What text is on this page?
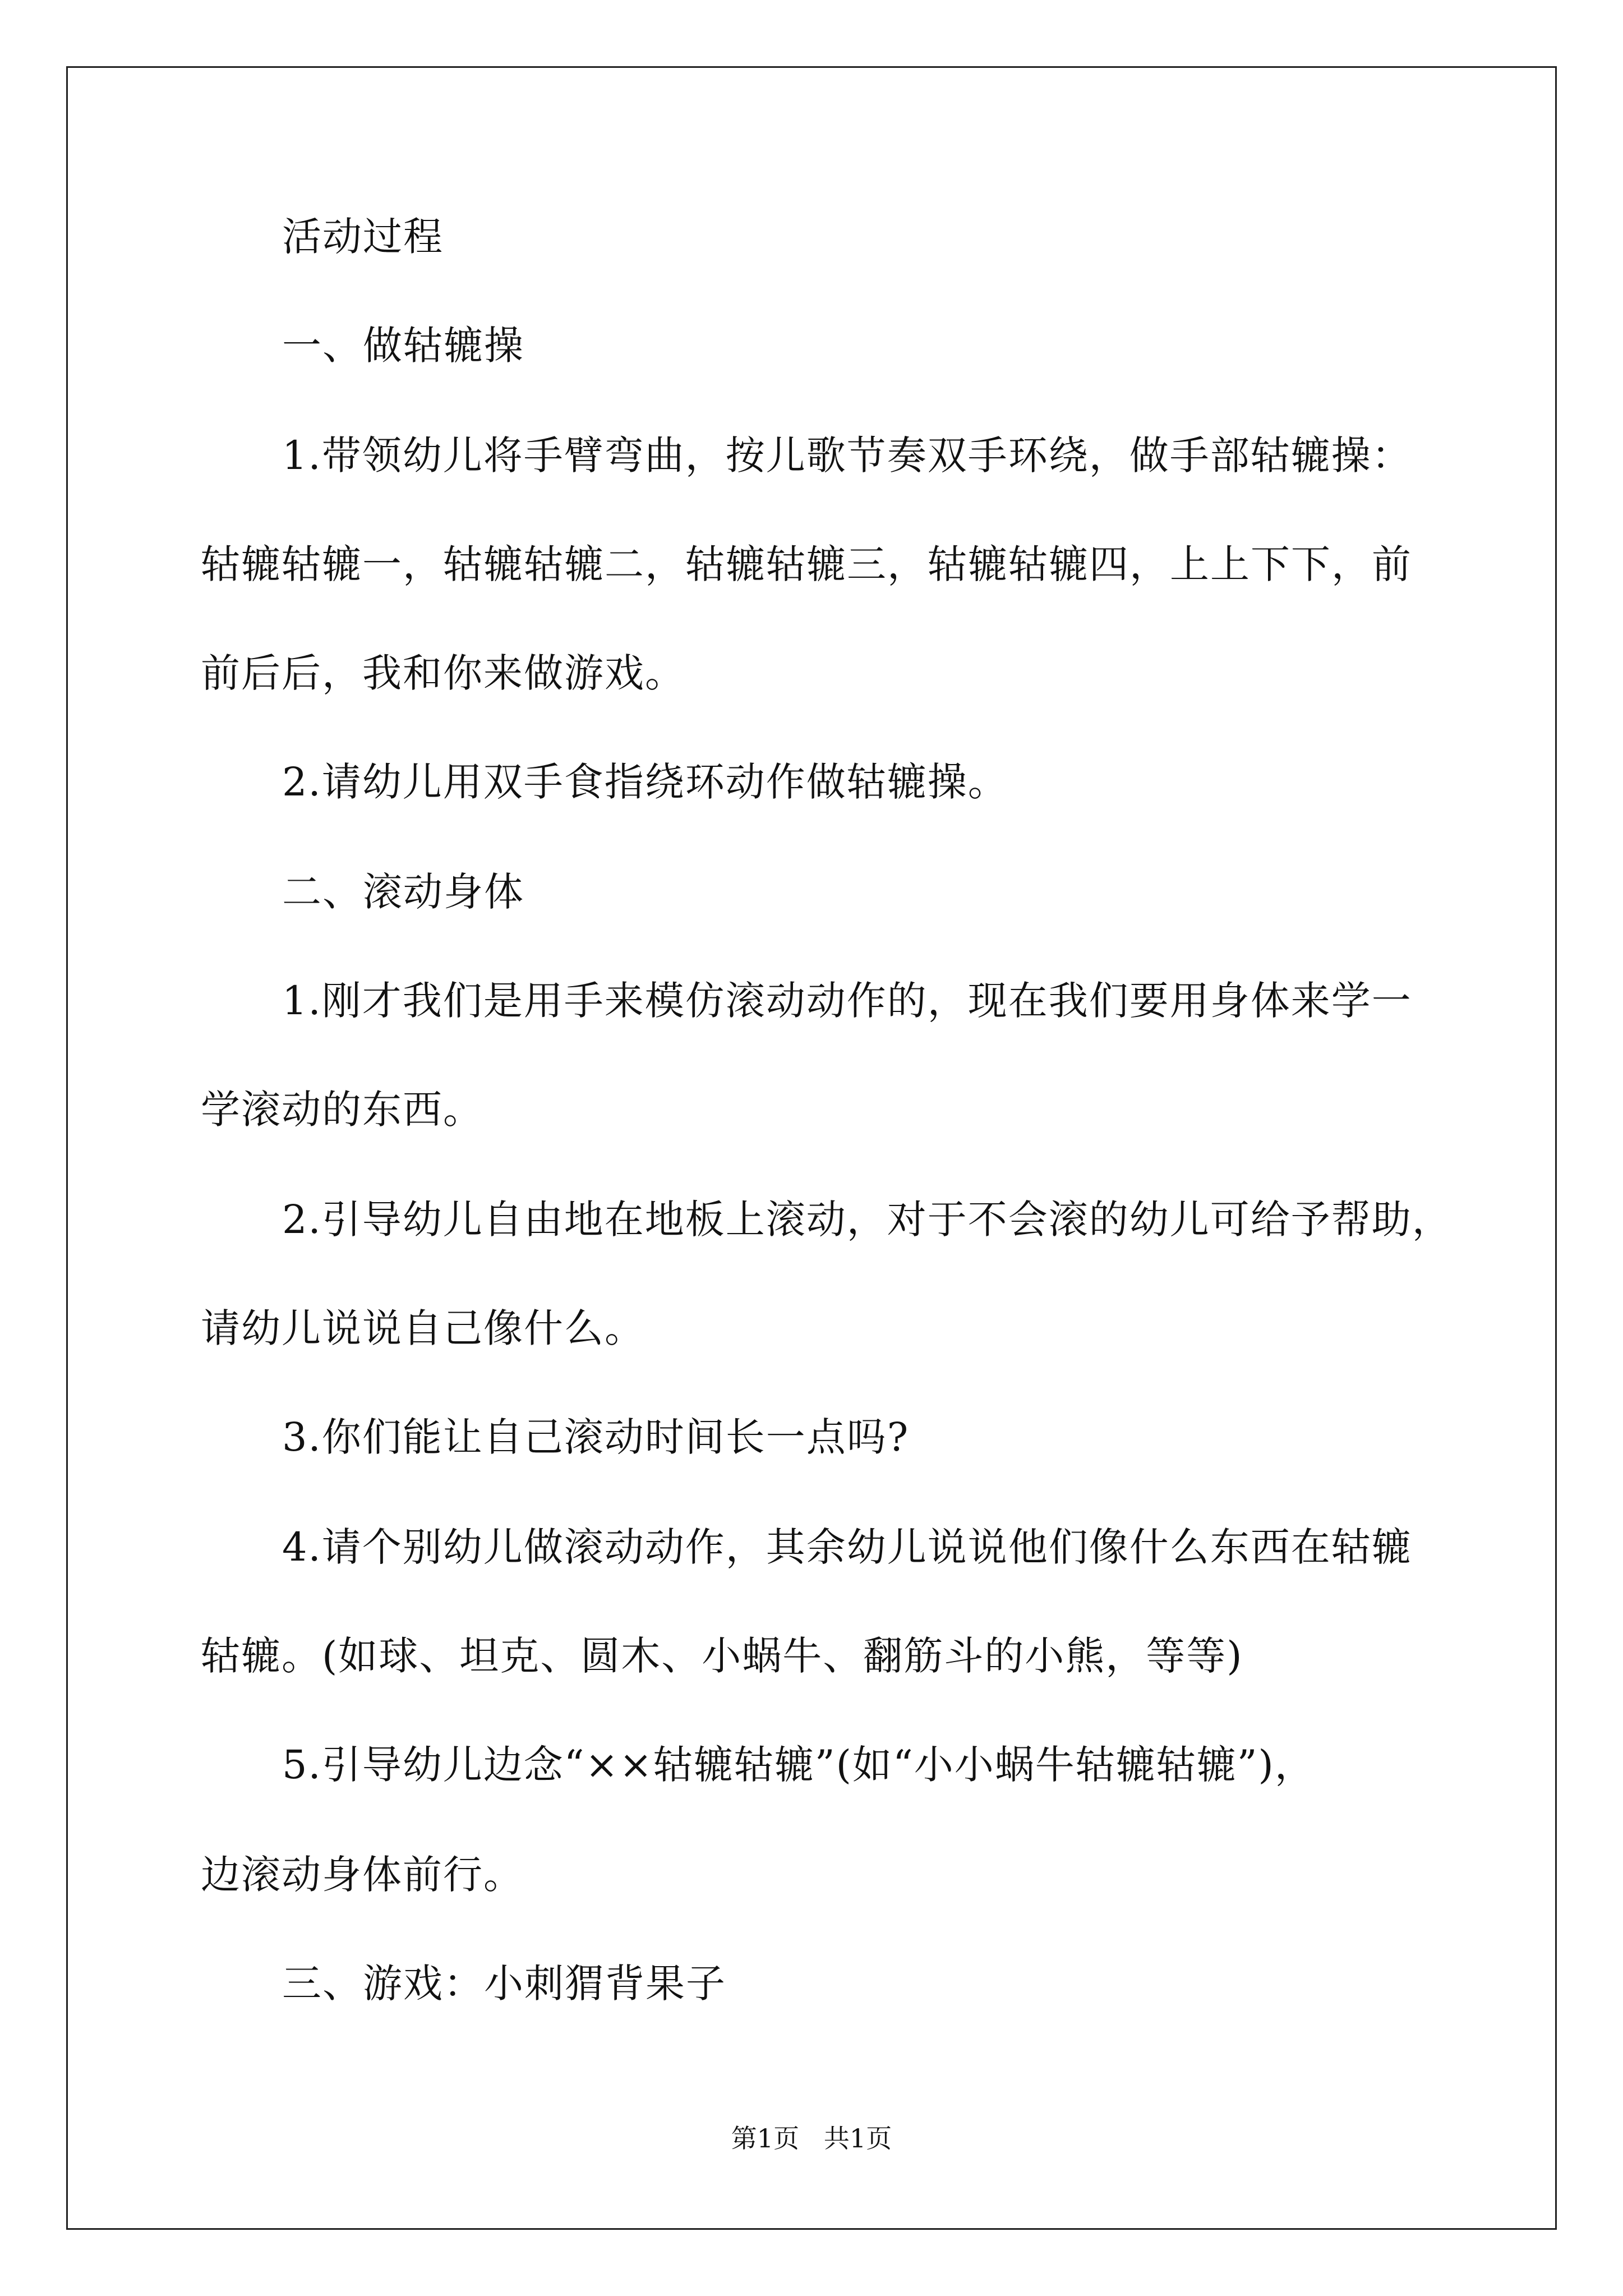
活动过程
一、做轱辘操
1.带领幼儿将手臂弯曲，按儿歌节奏双手环绕，做手部轱辘操：
轱辘轱辘一，轱辘轱辘二，轱辘轱辘三，轱辘轱辘四，上上下下，前
前后后，我和你来做游戏。
2.请幼儿用双手食指绕环动作做轱辘操。
二、滚动身体
1.刚才我们是用手来模仿滚动动作的，现在我们要用身体来学一
学滚动的东西。
2.引导幼儿自由地在地板上滚动，对于不会滚的幼儿可给予帮助，
请幼儿说说自己像什么。
3.你们能让自己滚动时间长一点吗?
4.请个别幼儿做滚动动作，其余幼儿说说他们像什么东西在轱辘
轱辘。(如球、坦克、圆木、小蜗牛、翻筋斗的小熊，等等)
5.引导幼儿边念“××轱辘轱辘”(如“小小蜗牛轱辘轱辘”)，
边滚动身体前行。
三、游戏：小刺猬背果子
第1页   共1页
